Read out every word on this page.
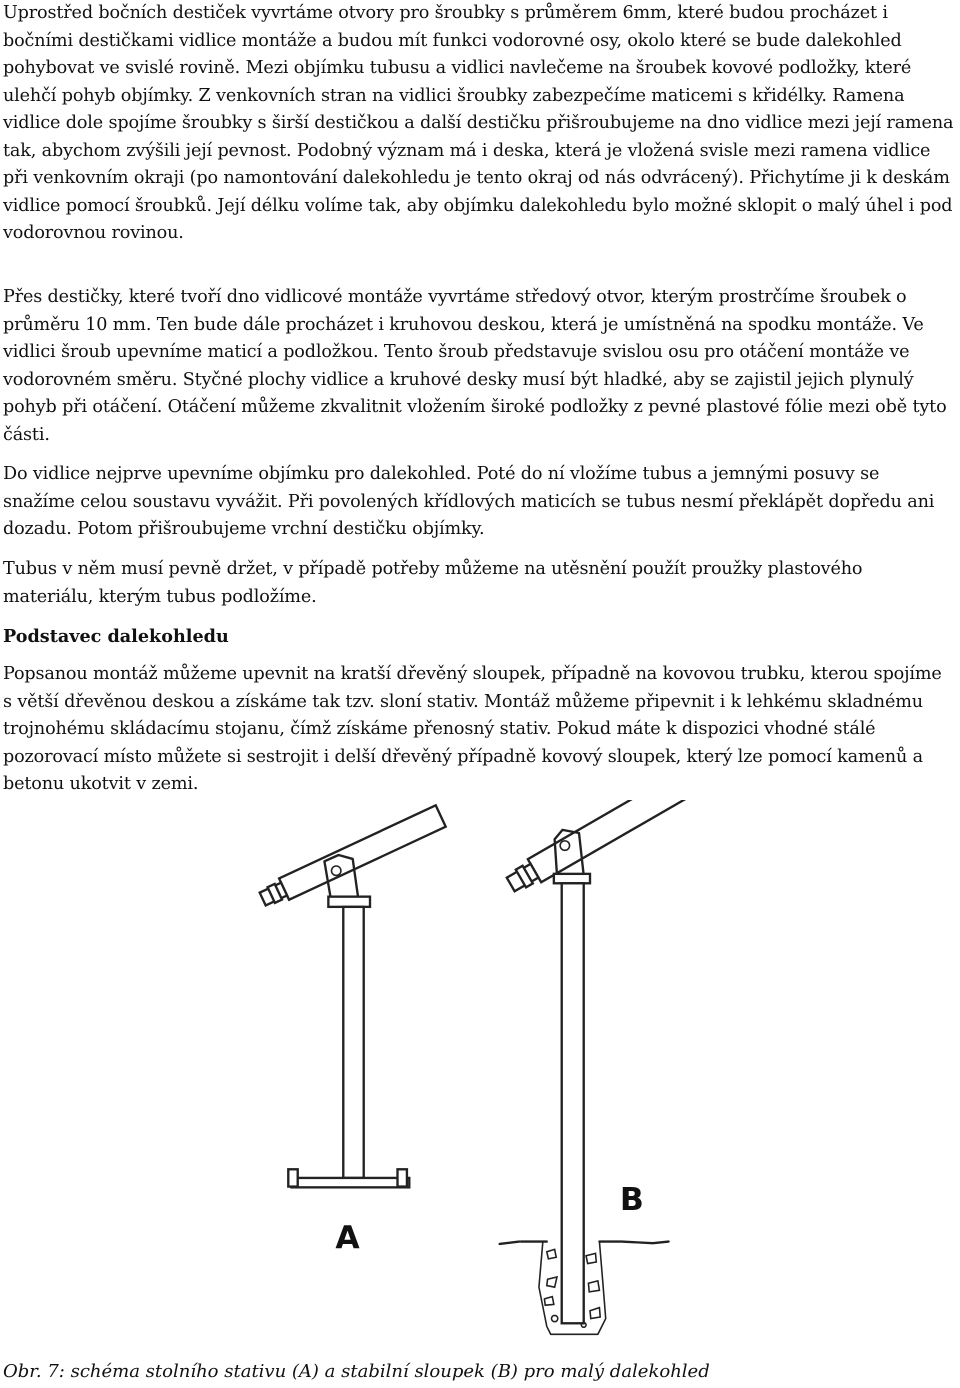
Uprostřed bočních destiček vyvrtáme otvory pro šroubky s průměrem 6mm, které budou procházet i bočními destičkami vidlice montáže a budou mít funkci vodorovné osy, okolo které se bude dalekohled pohybovat ve svislé rovině. Mezi objímku tubusu a vidlici navlečeme na šroubek kovové podložky, které ulehčí pohyb objímky. Z venkovních stran na vidlici šroubky zabezpečíme maticemi s křidélky. Ramena vidlice dole spojíme šroubky s širší destičkou a další destičku přišroubujeme na dno vidlice mezi její ramena tak, abychom zvýšili její pevnost. Podobný význam má i deska, která je vložená svisle mezi ramena vidlice při venkovním okraji (po namontování dalekohledu je tento okraj od nás odvrácený). Přichytíme ji k deskám vidlice pomocí šroubků. Její délku volíme tak, aby objímku dalekohledu bylo možné sklopit o malý úhel i pod vodorovnou rovinou.

Přes destičky, které tvoří dno vidlicové montáže vyvrtáme středový otvor, kterým prostrčíme šroubek o průměru 10 mm. Ten bude dále procházet i kruhovou deskou, která je umístněná na spodku montáže. Ve vidlici šroub upevníme maticí a podložkou. Tento šroub představuje svislou osu pro otáčení montáže ve vodorovném směru. Styčné plochy vidlice a kruhové desky musí být hladké, aby se zajistil jejich plynulý pohyb při otáčení. Otáčení můžeme zkvalitnit vložením široké podložky z pevné plastové fólie mezi obě tyto části.

Do vidlice nejprve upevníme objímku pro dalekohled. Poté do ní vložíme tubus a jemnými posuvy se snažíme celou soustavu vyvážit. Při povolených křídlových maticích se tubus nesmí překlápět dopředu ani dozadu. Potom přišroubujeme vrchní destičku objímky.

Tubus v něm musí pevně držet, v případě potřeby můžeme na utěsnění použít proužky plastového materiálu, kterým tubus podložíme.

Podstavec dalekohledu

Popsanou montáž můžeme upevnit na kratší dřevěný sloupek, případně na kovovou trubku, kterou spojíme s větší dřevěnou deskou a získáme tak tzv. sloní stativ. Montáž můžeme připevnit i k lehkému skladnému trojnohému skládacímu stojanu, čímž získáme přenosný stativ. Pokud máte k dispozici vhodné stálé pozorovací místo můžete si sestrojit i delší dřevěný případně kovový sloupek, který lze pomocí kamenů a betonu ukotvit v zemi.

A
B

Obr. 7: schéma stolního stativu (A) a stabilní sloupek (B) pro malý dalekohled
